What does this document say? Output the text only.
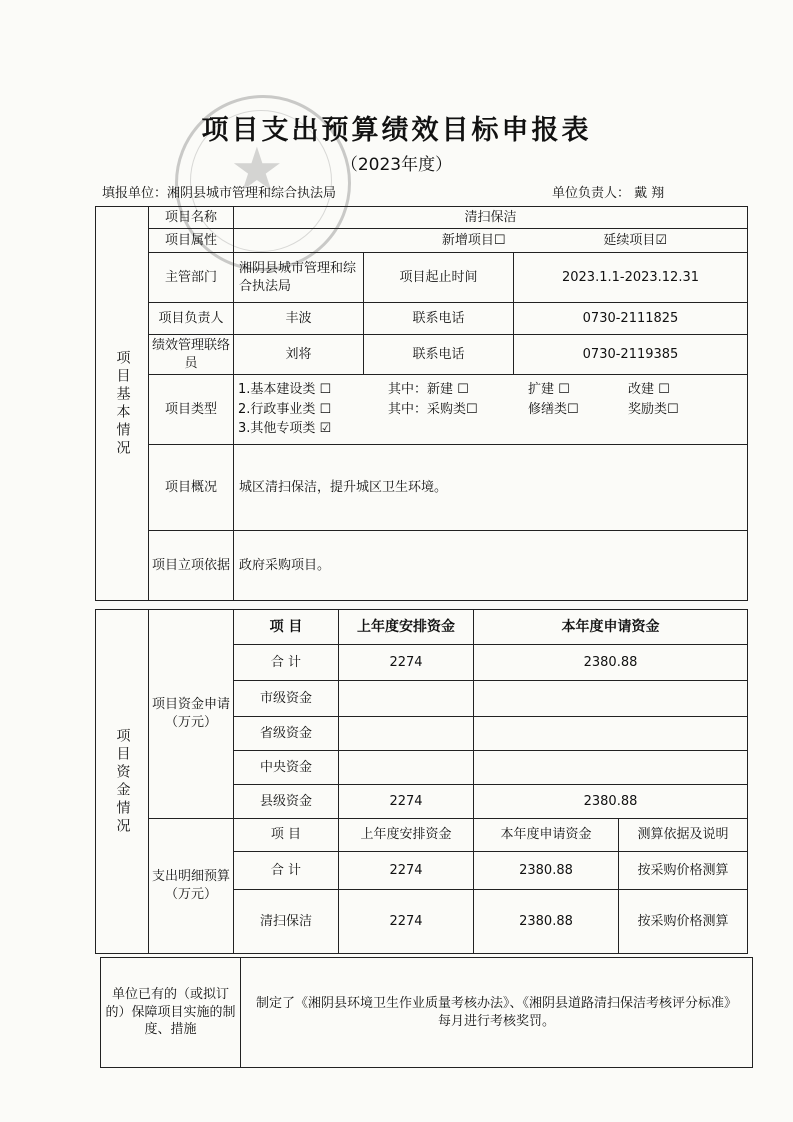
★
项目支出预算绩效目标申报表
（2023年度）
填报单位：湘阴县城市管理和综合执法局	单位负责人： 戴 翔
项目基本情况	项目名称	清扫保洁		
	项目属性	新增项目☐		延续项目☑
	主管部门	湘阴县城市管理和综合执法局	项目起止时间	2023.1.1-2023.12.31
	项目负责人	丰波	联系电话	0730-2111825
	绩效管理联络员	刘将	联系电话	0730-2119385
	项目类型	1.基本建设类 ☐ 其中：新建 ☐ 扩建 ☐ 改建 ☐
2.行政事业类 ☐ 其中：采购类☐ 修缮类☐ 奖励类☐
3.其他专项类 ☑		

	项目概况	城区清扫保洁，提升城区卫生环境。		
	项目立项依据	政府采购项目。		
项目资金情况	项目资金申请（万元）	项 目	上年度安排资金	本年度申请资金	
		合 计	2274	2380.88	
		市级资金			
		省级资金			
		中央资金			
		县级资金	2274	2380.88	
	支出明细预算（万元）	项 目	上年度安排资金	本年度申请资金	测算依据及说明
		合 计	2274	2380.88	按采购价格测算
		清扫保洁	2274	2380.88	按采购价格测算
单位已有的（或拟订的）保障项目实施的制度、措施	制定了《湘阴县环境卫生作业质量考核办法》、《湘阴县道路清扫保洁考核评分标准》每月进行考核奖罚。
